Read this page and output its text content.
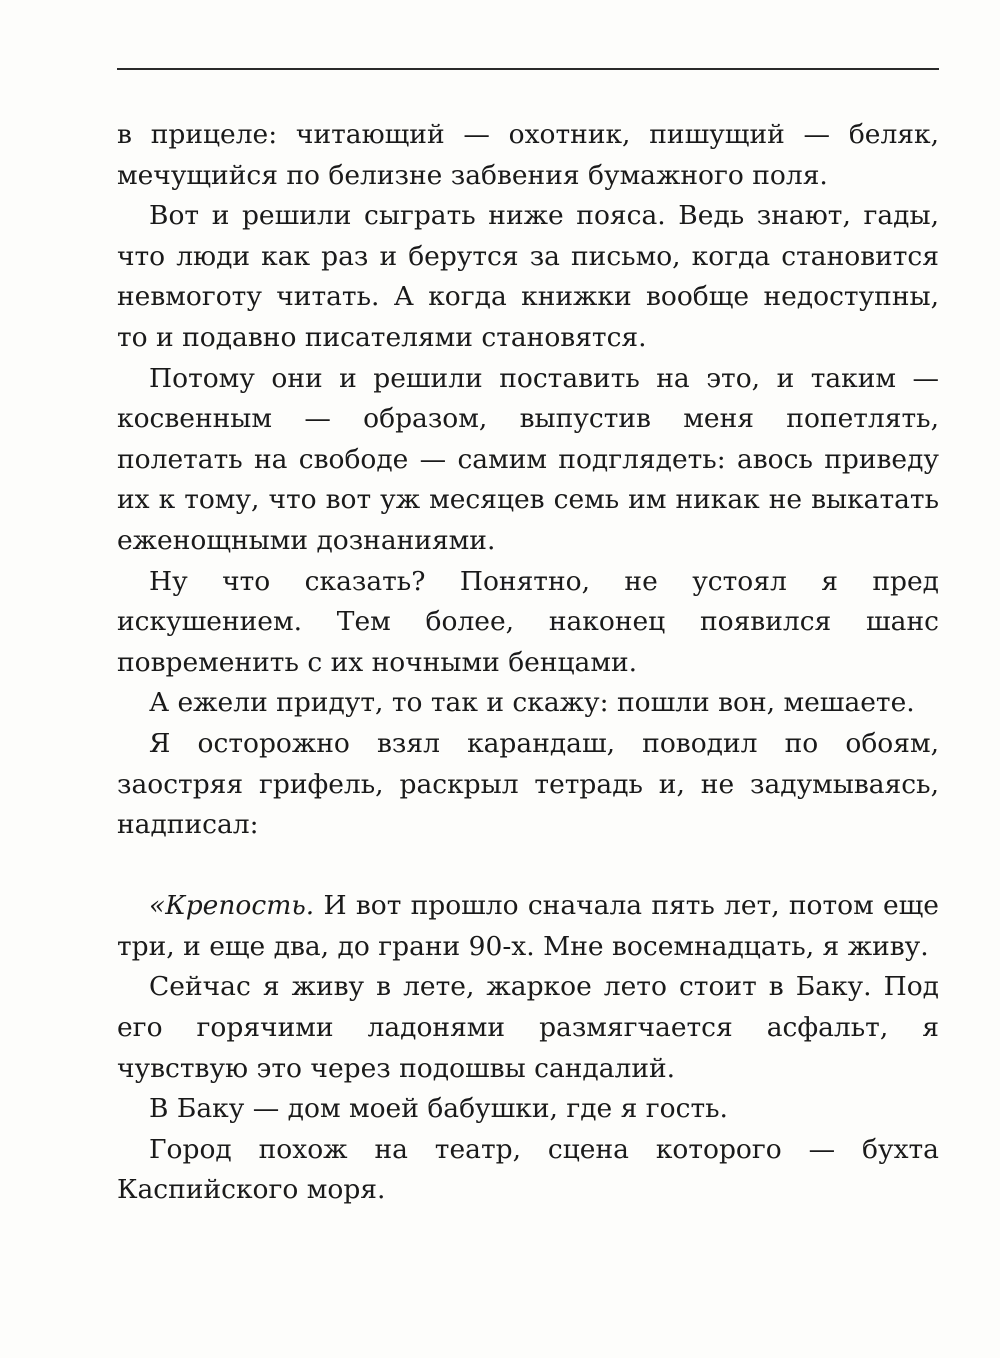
в прицеле: читающий — охотник, пишущий — беляк, мечущийся по белизне забвения бумажного поля.

Вот и решили сыграть ниже пояса. Ведь знают, гады, что люди как раз и берутся за письмо, когда становится невмоготу читать. А когда книжки вообще недоступны, то и подавно писателями становятся.

Потому они и решили поставить на это, и таким — косвенным — образом, выпустив меня попетлять, полетать на свободе — самим подглядеть: авось приведу их к тому, что вот уж месяцев семь им никак не выкатать еженощными дознаниями.

Ну что сказать? Понятно, не устоял я пред искушением. Тем более, наконец появился шанс повременить с их ночными бенцами.

А ежели придут, то так и скажу: пошли вон, мешаете.

Я осторожно взял карандаш, поводил по обоям, заостряя грифель, раскрыл тетрадь и, не задумываясь, надписал:

«Крепость. И вот прошло сначала пять лет, потом еще три, и еще два, до грани 90-х. Мне восемнадцать, я живу.

Сейчас я живу в лете, жаркое лето стоит в Баку. Под его горячими ладонями размягчается асфальт, я чувствую это через подошвы сандалий.

В Баку — дом моей бабушки, где я гость.

Город похож на театр, сцена которого — бухта Каспийского моря.
